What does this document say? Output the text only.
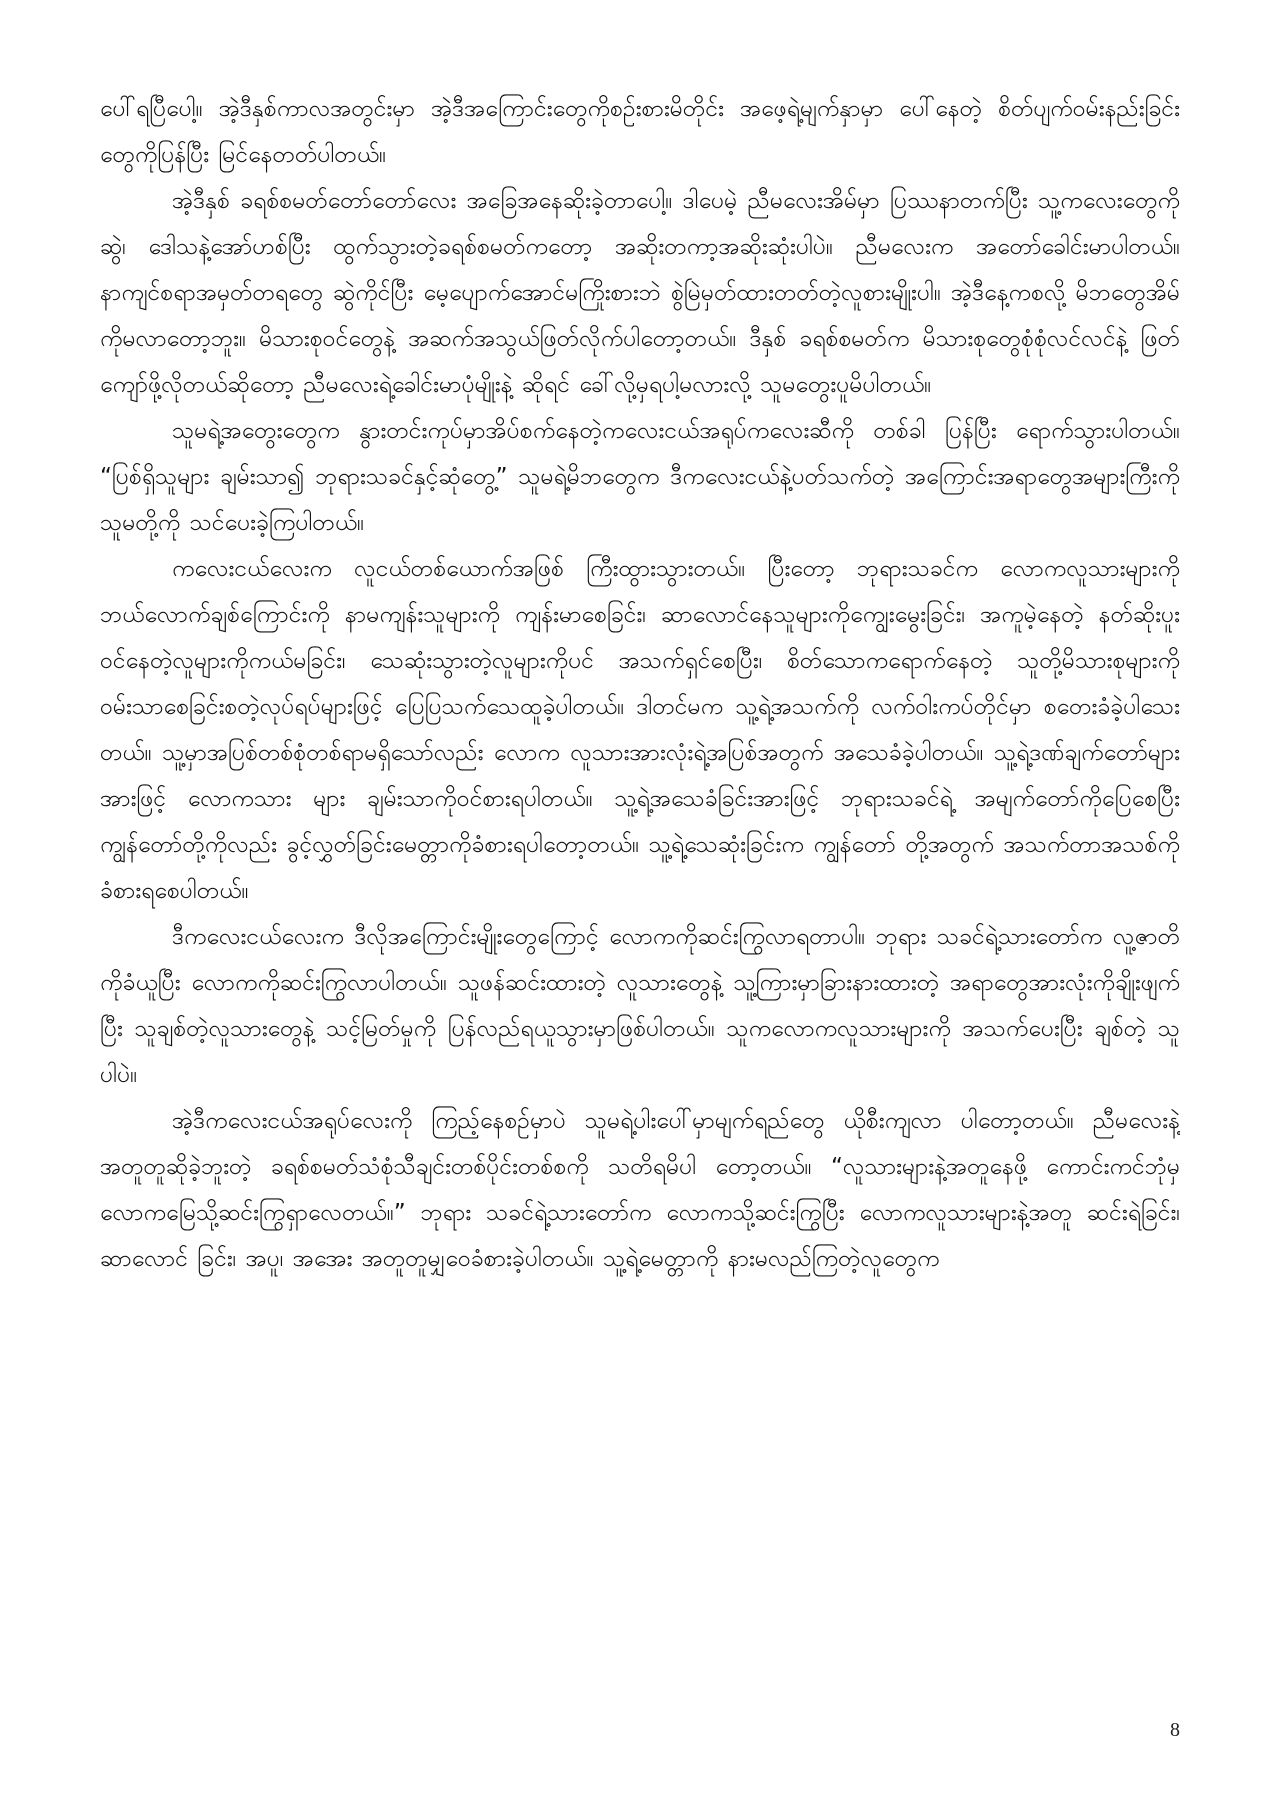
ပေါ်ရပြီပေါ့။ အဲ့ဒီနှစ်ကာလအတွင်းမှာ အဲ့ဒီအကြောင်းတွေကိုစဉ်းစားမိတိုင်း အဖေ့ရဲ့မျက်နှာမှာ ပေါ်နေတဲ့ စိတ်ပျက်ဝမ်းနည်းခြင်းတွေကိုပြန်ပြီး မြင်နေတတ်ပါတယ်။

အဲ့ဒီနှစ် ခရစ်စမတ်တော်တော်လေး အခြေအနေဆိုးခဲ့တာပေါ့။ ဒါပေမဲ့ ညီမလေးအိမ်မှာ ပြဿနာတက်ပြီး သူ့ကလေးတွေကိုဆွဲ၊ ဒေါသနဲ့အော်ဟစ်ပြီး ထွက်သွားတဲ့ခရစ်စမတ်ကတော့ အဆိုးတကာ့အဆိုးဆုံးပါပဲ။ ညီမလေးက အတော်ခေါင်းမာပါတယ်။ နာကျင်စရာအမှတ်တရတွေ ဆွဲကိုင်ပြီး မေ့ပျောက်အောင်မကြိုးစားဘဲ စွဲမြဲမှတ်ထားတတ်တဲ့လူစားမျိုးပါ။ အဲ့ဒီနေ့ကစလို့ မိဘတွေအိမ်ကိုမလာတော့ဘူး။ မိသားစုဝင်တွေနဲ့ အဆက်အသွယ်ဖြတ်လိုက်ပါတော့တယ်။ ဒီနှစ် ခရစ်စမတ်က မိသားစုတွေစုံစုံလင်လင်နဲ့ ဖြတ်ကျော်ဖို့လိုတယ်ဆိုတော့ ညီမလေးရဲ့ခေါင်းမာပုံမျိုးနဲ့ ဆိုရင် ခေါ်လို့မှရပါ့မလားလို့ သူမတွေးပူမိပါတယ်။

သူမရဲ့အတွေးတွေက နွားတင်းကုပ်မှာအိပ်စက်နေတဲ့ကလေးငယ်အရုပ်ကလေးဆီကို တစ်ခါ ပြန်ပြီး ရောက်သွားပါတယ်။ “ပြစ်ရှိသူများ ချမ်းသာ၍ ဘုရားသခင်နှင့်ဆုံတွေ့” သူမရဲ့မိဘတွေက ဒီကလေးငယ်နဲ့ပတ်သက်တဲ့ အကြောင်းအရာတွေအများကြီးကို သူမတို့ကို သင်ပေးခဲ့ကြပါတယ်။

ကလေးငယ်လေးက လူငယ်တစ်ယောက်အဖြစ် ကြီးထွားသွားတယ်။ ပြီးတော့ ဘုရားသခင်က လောကလူသားများကို ဘယ်လောက်ချစ်ကြောင်းကို နာမကျန်းသူများကို ကျန်းမာစေခြင်း၊ ဆာလောင်နေသူများကိုကျွေးမွေးခြင်း၊ အကူမဲ့နေတဲ့ နတ်ဆိုးပူးဝင်နေတဲ့လူများကိုကယ်မခြင်း၊ သေဆုံးသွားတဲ့လူများကိုပင် အသက်ရှင်စေပြီး၊ စိတ်သောကရောက်နေတဲ့ သူတို့မိသားစုများကို ဝမ်းသာစေခြင်းစတဲ့လုပ်ရပ်များဖြင့် ပြေပြသက်သေထူခဲ့ပါတယ်။ ဒါတင်မက သူ့ရဲ့အသက်ကို လက်ဝါးကပ်တိုင်မှာ စတေးခံခဲ့ပါသေးတယ်။ သူ့မှာအပြစ်တစ်စုံတစ်ရာမရှိသော်လည်း လောက လူသားအားလုံးရဲ့အပြစ်အတွက် အသေခံခဲ့ပါတယ်။ သူ့ရဲ့ဒဏ်ချက်တော်များအားဖြင့် လောကသား များ ချမ်းသာကိုဝင်စားရပါတယ်။ သူ့ရဲ့အသေခံခြင်းအားဖြင့် ဘုရားသခင်ရဲ့ အမျက်တော်ကိုပြေစေပြီး ကျွန်တော်တို့ကိုလည်း ခွင့်လွှတ်ခြင်းမေတ္တာကိုခံစားရပါတော့တယ်။ သူ့ရဲ့သေဆုံးခြင်းက ကျွန်တော် တို့အတွက် အသက်တာအသစ်ကိုခံစားရစေပါတယ်။

ဒီကလေးငယ်လေးက ဒီလိုအကြောင်းမျိုးတွေကြောင့် လောကကိုဆင်းကြွလာရတာပါ။ ဘုရား သခင်ရဲ့သားတော်က လူ့ဇာတိကိုခံယူပြီး လောကကိုဆင်းကြွလာပါတယ်။ သူဖန်ဆင်းထားတဲ့ လူသားတွေနဲ့ သူ့ကြားမှာခြားနားထားတဲ့ အရာတွေအားလုံးကိုချိုးဖျက်ပြီး သူချစ်တဲ့လူသားတွေနဲ့ သင့်မြတ်မှုကို ပြန်လည်ရယူသွားမှာဖြစ်ပါတယ်။ သူကလောကလူသားများကို အသက်ပေးပြီး ချစ်တဲ့ သူပါပဲ။

အဲ့ဒီကလေးငယ်အရုပ်လေးကို ကြည့်နေစဉ်မှာပဲ သူမရဲ့ပါးပေါ်မှာမျက်ရည်တွေ ယိုစီးကျလာ ပါတော့တယ်။ ညီမလေးနဲ့အတူတူဆိုခဲ့ဘူးတဲ့ ခရစ်စမတ်သံစုံသီချင်းတစ်ပိုင်းတစ်စကို သတိရမိပါ တော့တယ်။ “လူသားများနဲ့အတူနေဖို့ ကောင်းကင်ဘုံမှ လောကမြေသို့ဆင်းကြွရှာလေတယ်။” ဘုရား သခင်ရဲ့သားတော်က လောကသို့ဆင်းကြွပြီး လောကလူသားများနဲ့အတူ ဆင်းရဲခြင်း၊ ဆာလောင် ခြင်း၊ အပူ၊ အအေး အတူတူမျှဝေခံစားခဲ့ပါတယ်။ သူ့ရဲ့မေတ္တာကို နားမလည်ကြတဲ့လူတွေက

8
